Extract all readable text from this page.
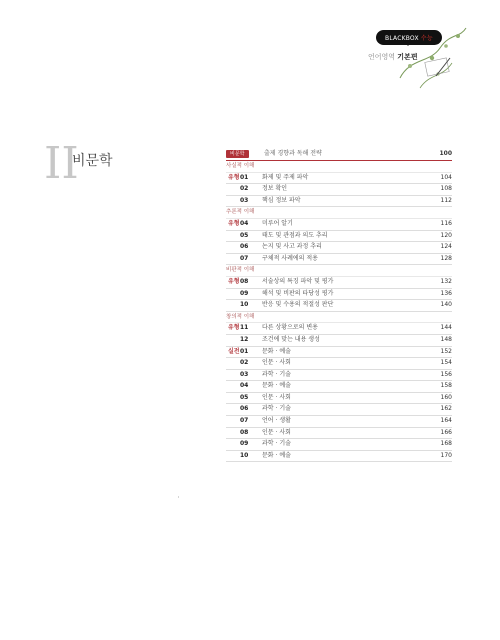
BLACKBOX 수능
언어영역 기본편
II
비문학	비문학	출제 경향과 독해 전략	100
사실적 이해
유형 01 화제 및 주제 파악	104
02 정보 확인	108
03 핵심 정보 파악	112
추론적 이해
유형 04 미루어 알기	116
05 태도 및 관점과 의도 추리	120
06 논지 및 사고 과정 추리	124
07 구체적 사례에의 적용	128
비판적 이해
유형 08 서술상의 특징 파악 및 평가	132
09 해석 및 비판의 타당성 평가	136
10 반응 및 수용의 적절성 판단	140
창의적 이해
유형 11 다른 상황으로의 변용	144
12 조건에 맞는 내용 생성	148
실전 01 문화 · 예술	152
02 인문 · 사회	154
03 과학 · 기술	156
04 문화 · 예술	158
05 인문 · 사회	160
06 과학 · 기술	162
07 언어 · 생활	164
08 인문 · 사회	166
09 과학 · 기술	168
10 문화 · 예술	170
